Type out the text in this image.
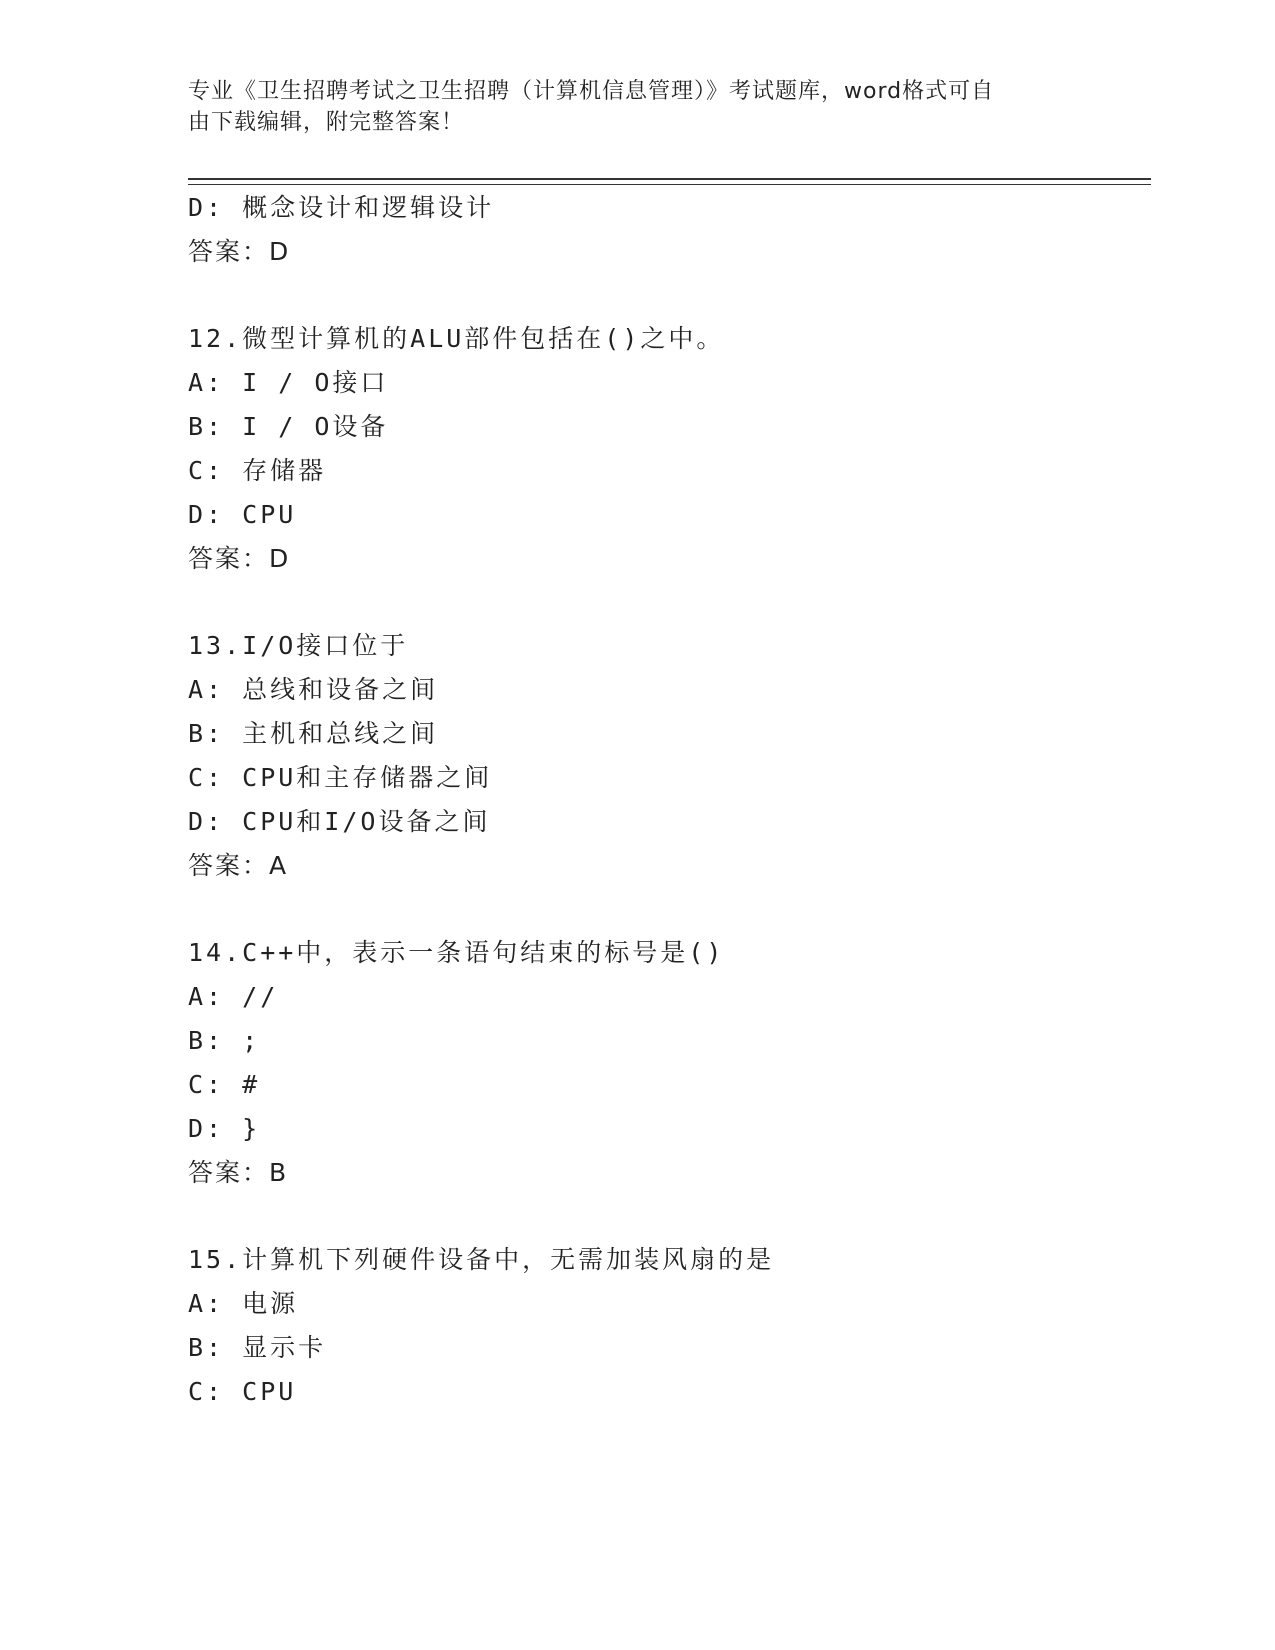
专业《卫生招聘考试之卫生招聘（计算机信息管理）》考试题库，word格式可自
由下载编辑，附完整答案！
D: 概念设计和逻辑设计
答案：D
12.微型计算机的ALU部件包括在()之中。
A: I / O接口
B: I / O设备
C: 存储器
D: CPU
答案：D
13.I/O接口位于
A: 总线和设备之间
B: 主机和总线之间
C: CPU和主存储器之间
D: CPU和I/O设备之间
答案：A
14.C++中，表示一条语句结束的标号是()
A: //
B: ;
C: #
D: }
答案：B
15.计算机下列硬件设备中，无需加装风扇的是
A: 电源
B: 显示卡
C: CPU
